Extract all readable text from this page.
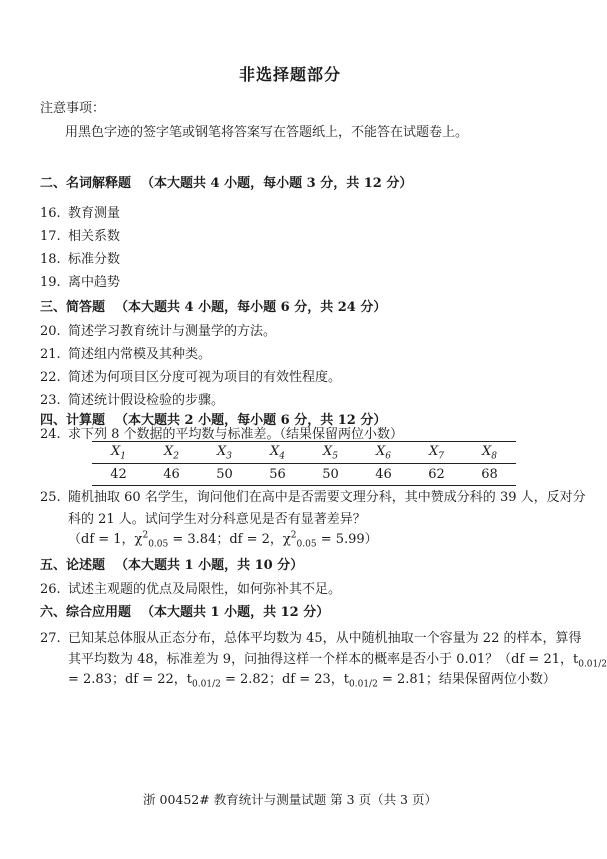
非选择题部分
注意事项：
用黑色字迹的签字笔或钢笔将答案写在答题纸上，不能答在试题卷上。
二、名词解释题 （本大题共 4 小题，每小题 3 分，共 12 分）
16. 教育测量
17. 相关系数
18. 标准分数
19. 离中趋势
三、简答题 （本大题共 4 小题，每小题 6 分，共 24 分）
20. 简述学习教育统计与测量学的方法。
21. 简述组内常模及其种类。
22. 简述为何项目区分度可视为项目的有效性程度。
23. 简述统计假设检验的步骤。
四、计算题 （本大题共 2 小题，每小题 6 分，共 12 分）
24. 求下列 8 个数据的平均数与标准差。（结果保留两位小数）
$X_1$	$X_2$	$X_3$	$X_4$	$X_5$	$X_6$	$X_7$	$X_8$
42	46	50	56	50	46	62	68
25. 随机抽取 60 名学生，询问他们在高中是否需要文理分科，其中赞成分科的 39 人，反对分
科的 21 人。试问学生对分科意见是否有显著差异？
（df = 1，$\chi^2_{0.05} = 3.84$；df = 2，$\chi^2_{0.05} = 5.99$）
五、论述题 （本大题共 1 小题，共 10 分）
26. 试述主观题的优点及局限性，如何弥补其不足。
六、综合应用题 （本大题共 1 小题，共 12 分）
27. 已知某总体服从正态分布，总体平均数为 45，从中随机抽取一个容量为 22 的样本，算得
其平均数为 48，标准差为 9，问抽得这样一个样本的概率是否小于 0.01？（df = 21，$t_{0.01/2}$
= 2.83；df = 22，$t_{0.01/2} = 2.82$；df = 23，$t_{0.01/2} = 2.81$；结果保留两位小数）
浙 00452# 教育统计与测量试题 第 3 页（共 3 页）
